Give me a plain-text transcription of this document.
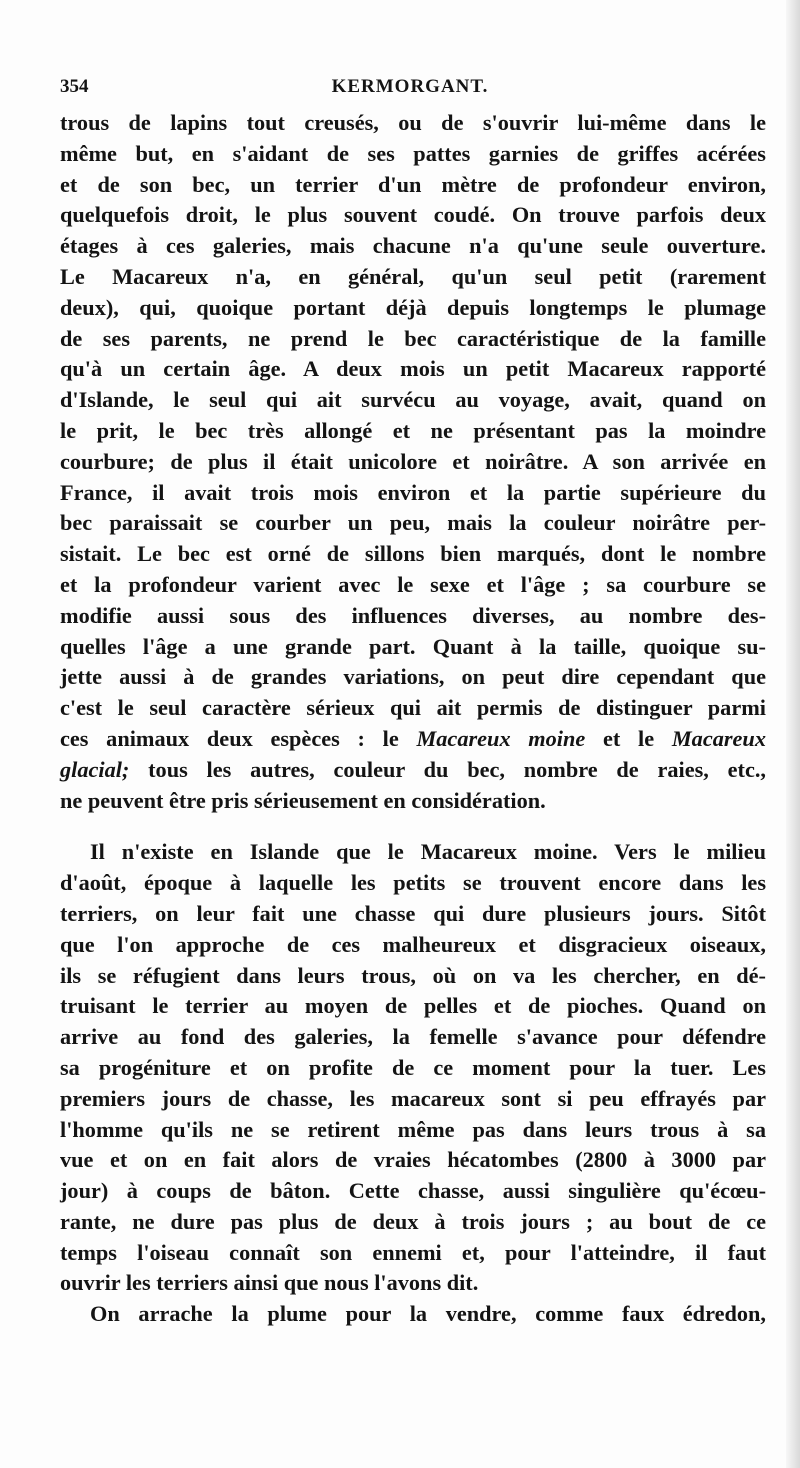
354	KERMORGANT.
trous de lapins tout creusés, ou de s'ouvrir lui-même dans le
même but, en s'aidant de ses pattes garnies de griffes acérées
et de son bec, un terrier d'un mètre de profondeur environ,
quelquefois droit, le plus souvent coudé. On trouve parfois deux
étages à ces galeries, mais chacune n'a qu'une seule ouverture.
Le Macareux n'a, en général, qu'un seul petit (rarement
deux), qui, quoique portant déjà depuis longtemps le plumage
de ses parents, ne prend le bec caractéristique de la famille
qu'à un certain âge. A deux mois un petit Macareux rapporté
d'Islande, le seul qui ait survécu au voyage, avait, quand on
le prit, le bec très allongé et ne présentant pas la moindre
courbure; de plus il était unicolore et noirâtre. A son arrivée en
France, il avait trois mois environ et la partie supérieure du
bec paraissait se courber un peu, mais la couleur noirâtre per-
sistait. Le bec est orné de sillons bien marqués, dont le nombre
et la profondeur varient avec le sexe et l'âge ; sa courbure se
modifie aussi sous des influences diverses, au nombre des-
quelles l'âge a une grande part. Quant à la taille, quoique su-
jette aussi à de grandes variations, on peut dire cependant que
c'est le seul caractère sérieux qui ait permis de distinguer parmi
ces animaux deux espèces : le Macareux moine et le Macareux
glacial; tous les autres, couleur du bec, nombre de raies, etc.,
ne peuvent être pris sérieusement en considération.
Il n'existe en Islande que le Macareux moine. Vers le milieu
d'août, époque à laquelle les petits se trouvent encore dans les
terriers, on leur fait une chasse qui dure plusieurs jours. Sitôt
que l'on approche de ces malheureux et disgracieux oiseaux,
ils se réfugient dans leurs trous, où on va les chercher, en dé-
truisant le terrier au moyen de pelles et de pioches. Quand on
arrive au fond des galeries, la femelle s'avance pour défendre
sa progéniture et on profite de ce moment pour la tuer. Les
premiers jours de chasse, les macareux sont si peu effrayés par
l'homme qu'ils ne se retirent même pas dans leurs trous à sa
vue et on en fait alors de vraies hécatombes (2800 à 3000 par
jour) à coups de bâton. Cette chasse, aussi singulière qu'écœu-
rante, ne dure pas plus de deux à trois jours ; au bout de ce
temps l'oiseau connaît son ennemi et, pour l'atteindre, il faut
ouvrir les terriers ainsi que nous l'avons dit.
On arrache la plume pour la vendre, comme faux édredon,
